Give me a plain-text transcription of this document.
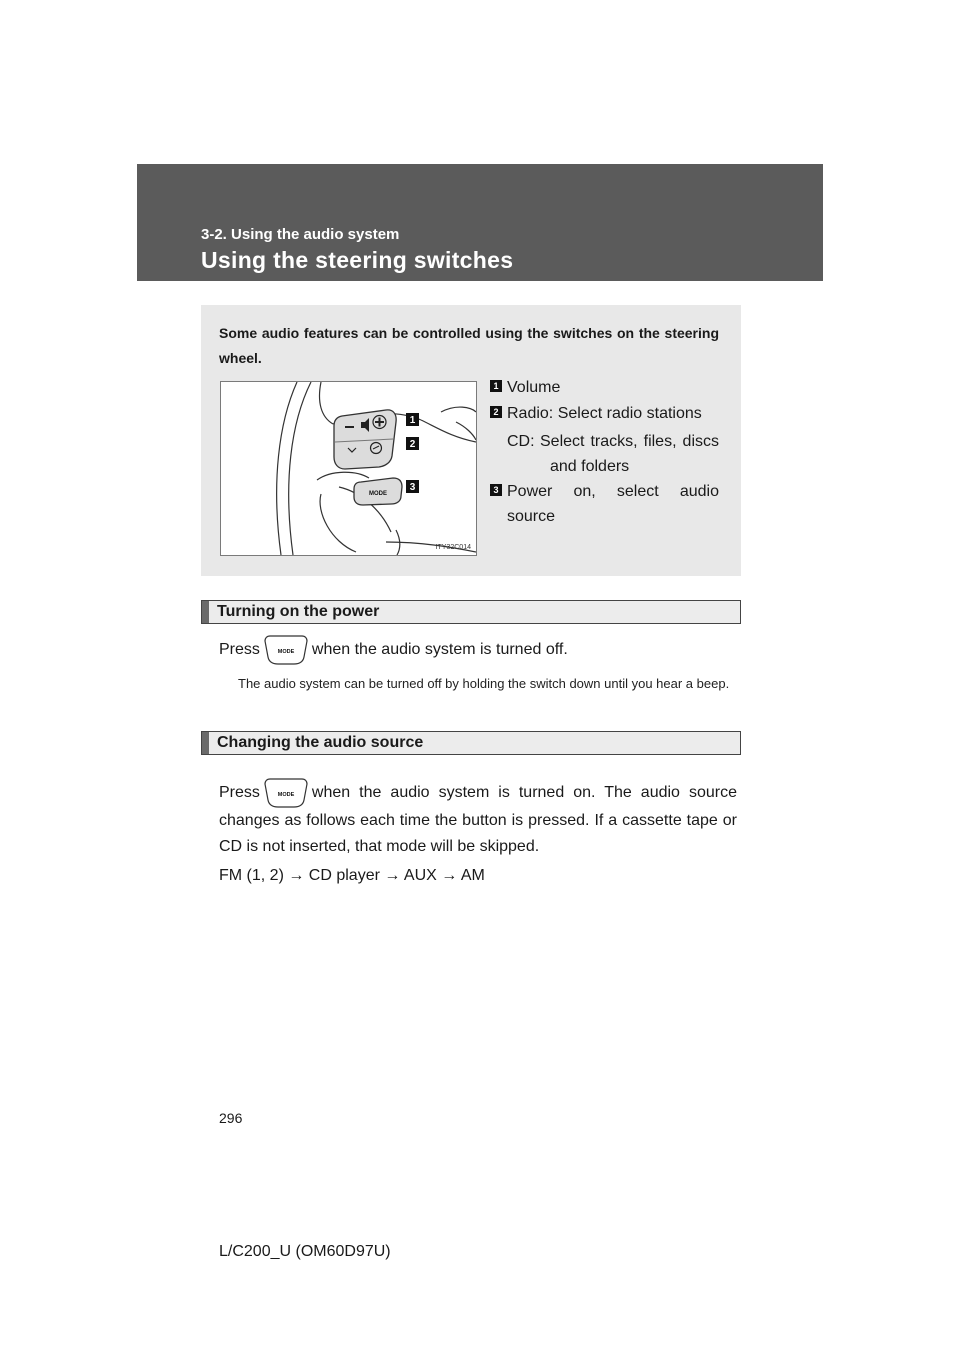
3-2. Using the audio system
Using the steering switches
Some audio features can be controlled using the switches on the steering wheel.
MODE
1
2
3
ITY32C014
1 Volume
2 Radio: Select radio stations
CD: Select tracks, files, discs and folders
3 Power on, select audio source
Turning on the power
Press	MODE when the audio system is turned off.
The audio system can be turned off by holding the switch down until you hear a beep.
Changing the audio source
Press	MODE when the audio system is turned on. The audio source changes as follows each time the button is pressed. If a cassette tape or CD is not inserted, that mode will be skipped.
FM (1, 2) → CD player → AUX → AM
296
L/C200_U (OM60D97U)
